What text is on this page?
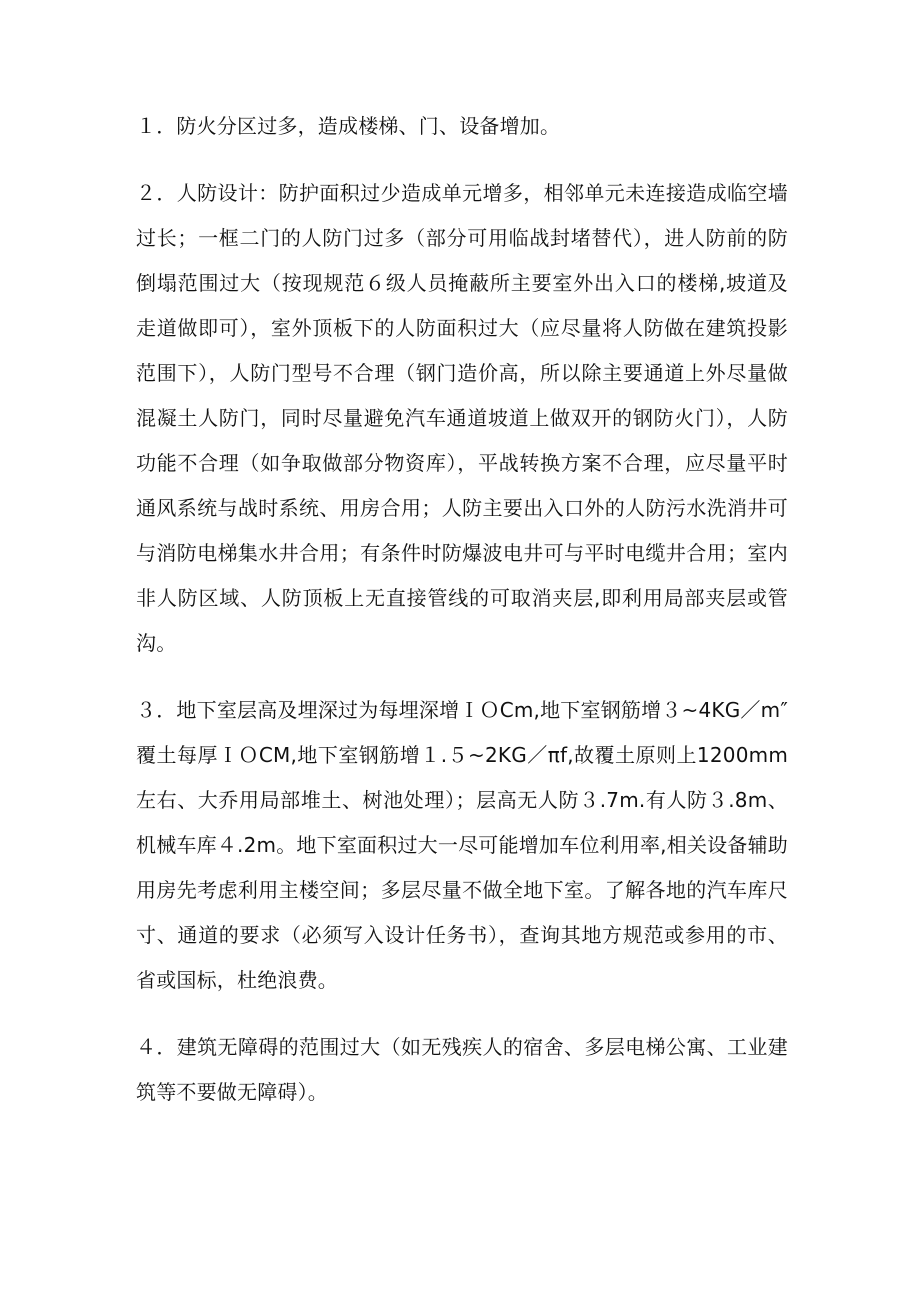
１．防火分区过多，造成楼梯、门、设备增加。

２．人防设计：防护面积过少造成单元增多，相邻单元未连接造成临空墙过长；一框二门的人防门过多（部分可用临战封堵替代），进人防前的防倒塌范围过大（按现规范６级人员掩蔽所主要室外出入口的楼梯,坡道及走道做即可），室外顶板下的人防面积过大（应尽量将人防做在建筑投影范围下），人防门型号不合理（钢门造价高，所以除主要通道上外尽量做混凝土人防门，同时尽量避免汽车通道坡道上做双开的钢防火门），人防功能不合理（如争取做部分物资库），平战转换方案不合理，应尽量平时通风系统与战时系统、用房合用；人防主要出入口外的人防污水洗消井可与消防电梯集水井合用；有条件时防爆波电井可与平时电缆井合用；室内非人防区域、人防顶板上无直接管线的可取消夹层,即利用局部夹层或管沟。

３．地下室层高及埋深过为每埋深增ＩＯCm,地下室钢筋增３~4KG／m″覆土每厚ＩＯCM,地下室钢筋增１.５~2KG／πf,故覆土原则上1200mm左右、大乔用局部堆土、树池处理）；层高无人防３.7m.有人防３.8m、机械车库４.2m。地下室面积过大一尽可能增加车位利用率,相关设备辅助用房先考虑利用主楼空间；多层尽量不做全地下室。了解各地的汽车库尺寸、通道的要求（必须写入设计任务书），查询其地方规范或参用的市、省或国标，杜绝浪费。

４．建筑无障碍的范围过大（如无残疾人的宿舍、多层电梯公寓、工业建筑等不要做无障碍）。
